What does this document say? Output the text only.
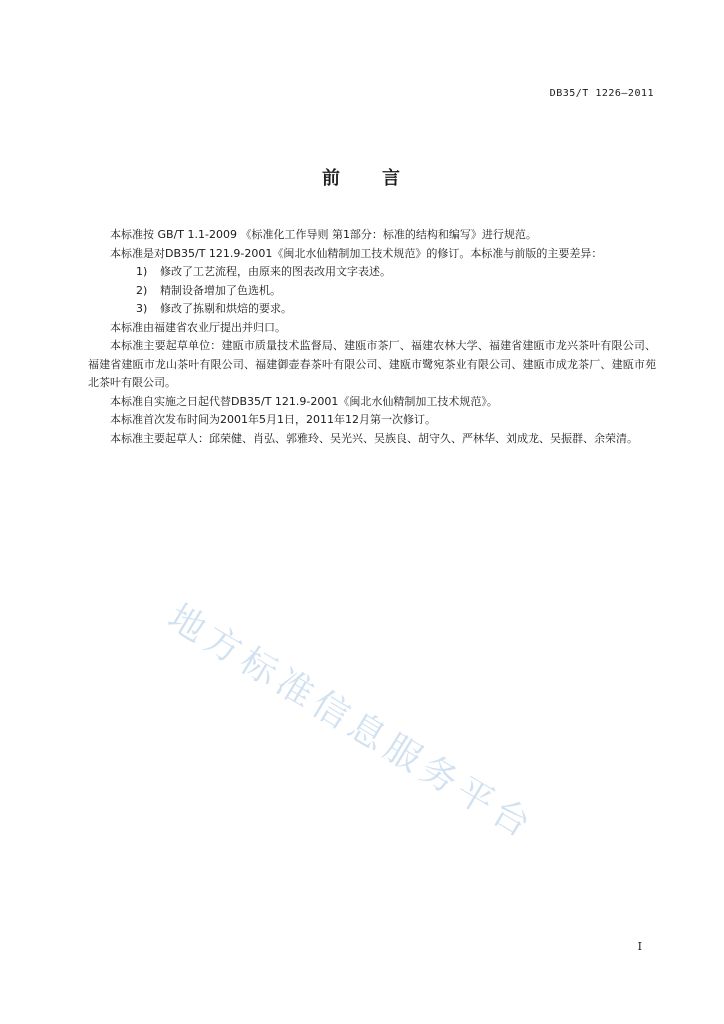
DB35/T 1226—2011
前 言

本标准按 GB/T 1.1-2009 《标准化工作导则 第1部分：标准的结构和编写》进行规范。

本标准是对DB35/T 121.9-2001《闽北水仙精制加工技术规范》的修订。本标准与前版的主要差异：

1)	修改了工艺流程，由原来的图表改用文字表述。

2)	精制设备增加了色选机。

3)	修改了拣剔和烘焙的要求。

本标准由福建省农业厅提出并归口。

本标准主要起草单位：建瓯市质量技术监督局、建瓯市茶厂、福建农林大学、福建省建瓯市龙兴茶叶有限公司、福建省建瓯市龙山茶叶有限公司、福建御壶春茶叶有限公司、建瓯市鹭宛茶业有限公司、建瓯市成龙茶厂、建瓯市苑北茶叶有限公司。

本标准自实施之日起代替DB35/T 121.9-2001《闽北水仙精制加工技术规范》。

本标准首次发布时间为2001年5月1日，2011年12月第一次修订。

本标准主要起草人：邱荣健、肖弘、郭雅玲、吴光兴、吴族良、胡守久、严林华、刘成龙、吴振群、余荣清。

地方标准信息服务平台
I
